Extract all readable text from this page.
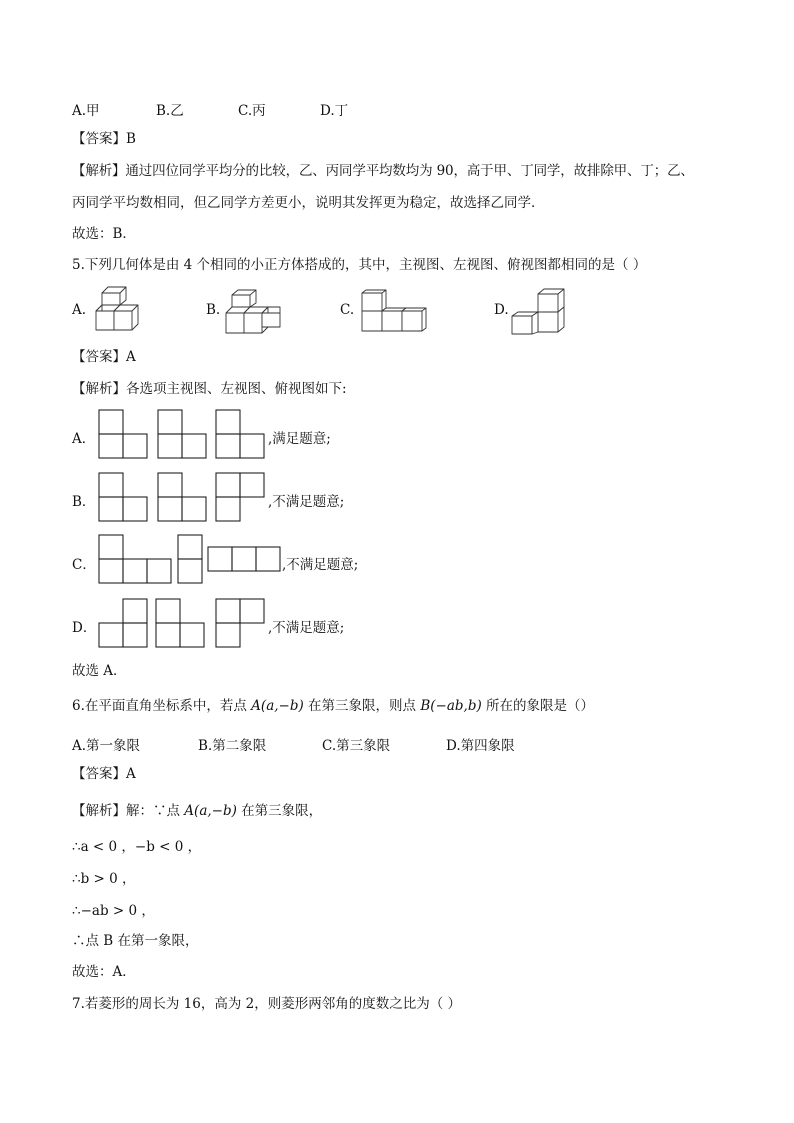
A.甲	B.乙	C.丙	D.丁
【答案】B
【解析】通过四位同学平均分的比较，乙、丙同学平均数均为 90，高于甲、丁同学，故排除甲、丁；乙、
丙同学平均数相同，但乙同学方差更小，说明其发挥更为稳定，故选择乙同学．
故选：B．
5.下列几何体是由 4 个相同的小正方体搭成的，其中，主视图、左视图、俯视图都相同的是（ ）
A.	B.	C.	D.
【答案】A
【解析】各选项主视图、左视图、俯视图如下:
A．	,满足题意;
B．	,不满足题意;
C．	,不满足题意;
D．	,不满足题意;
故选 A．
6.在平面直角坐标系中，若点 A(a,−b) 在第三象限，则点 B(−ab,b) 所在的象限是（）
A.第一象限	B.第二象限	C.第三象限	D.第四象限
【答案】A
【解析】解：∵点 A(a,−b) 在第三象限，
∴a < 0 ，−b < 0 ，
∴b > 0 ，
∴−ab > 0 ，
∴点 B 在第一象限，
故选：A．
7.若菱形的周长为 16，高为 2，则菱形两邻角的度数之比为（ ）
